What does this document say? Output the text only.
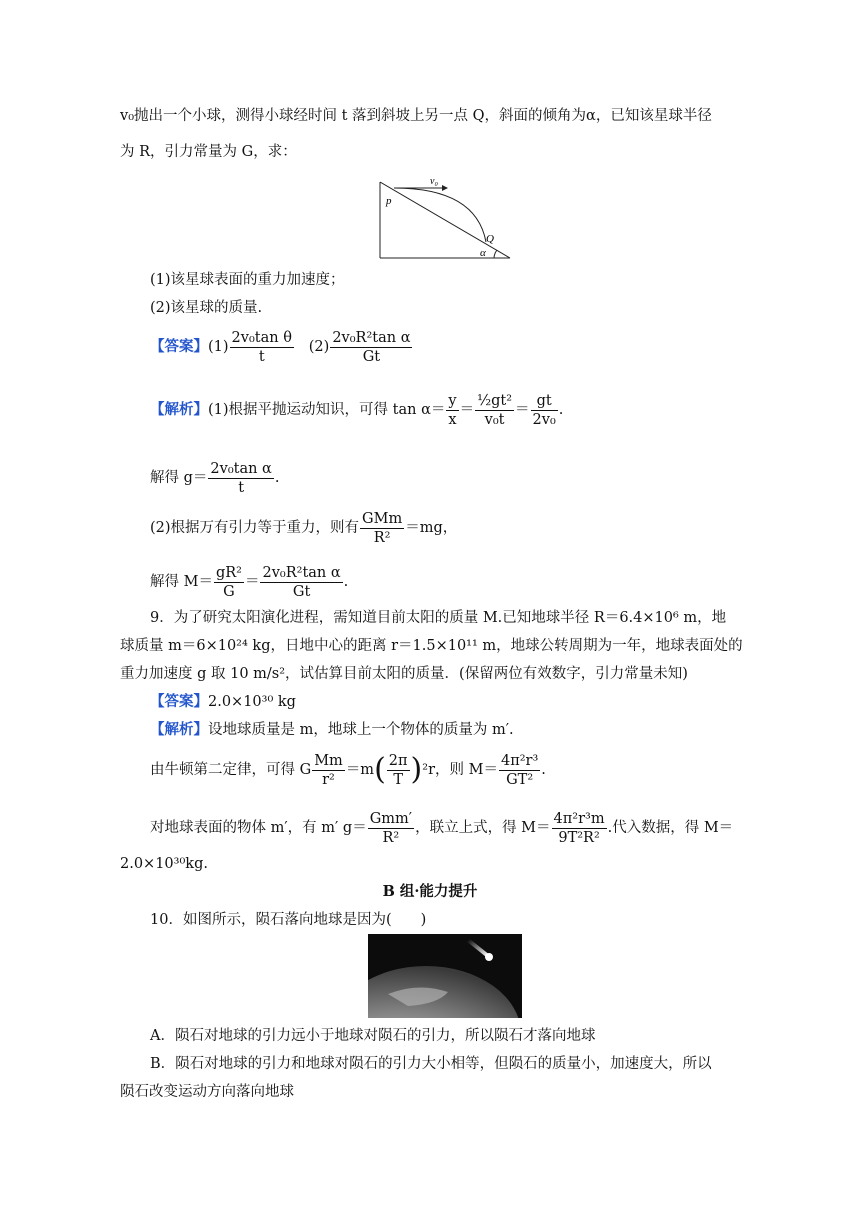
v₀抛出一个小球，测得小球经时间 t 落到斜坡上另一点 Q，斜面的倾角为α，已知该星球半径
为 R，引力常量为 G，求：
v₀
p
Q
α
(1)该星球表面的重力加速度；
(2)该星球的质量.
【答案】$(1) \frac{\text{2v₀tan θ}}{t} (2) \frac{\text{2v₀R²tan α}}{Gt}$
【解析】(1)根据平抛运动知识，可得 $\tan \alpha= \frac{y}{x} = \frac{\text{½gt²}}{\text{v₀t}} = \frac{gt}{\text{2v₀}}$ .
解得 $g= \frac{\text{2v₀tan α}}{t}$ .
(2)根据万有引力等于重力，则有 $\frac{\text{GMm}}{\text{R²}} =mg$，
解得 $M= \frac{\text{gR²}}{G} = \frac{\text{2v₀R²tan α}}{Gt}$ .
9．为了研究太阳演化进程，需知道目前太阳的质量 M.已知地球半径 R＝6.4×10⁶ m，地
球质量 m＝6×10²⁴ kg，日地中心的距离 r＝1.5×10¹¹ m，地球公转周期为一年，地球表面处的
重力加速度 g 取 10 m/s²，试估算目前太阳的质量．(保留两位有效数字，引力常量未知)
【答案】2.0×10³⁰ kg
【解析】设地球质量是 m，地球上一个物体的质量为 m′.
由牛顿第二定律，可得 G $\frac{Mm}{\text{r²}} =m( \frac{2\pi}{T} )^2r$，则 $M= \frac{\text{4π²r³}}{\text{GT²}}$ .
对地球表面的物体 m′，有 m′ $g= \frac{\text{Gmm′}}{\text{R²}}$ ，联立上式，得 $M= \frac{\text{4π²r³m}}{\text{9T²R²}}$ .代入数据，得 M＝
2.0×10³⁰kg.
B 组·能力提升
10．如图所示，陨石落向地球是因为(　　)
A．陨石对地球的引力远小于地球对陨石的引力，所以陨石才落向地球
B．陨石对地球的引力和地球对陨石的引力大小相等，但陨石的质量小，加速度大，所以
陨石改变运动方向落向地球
